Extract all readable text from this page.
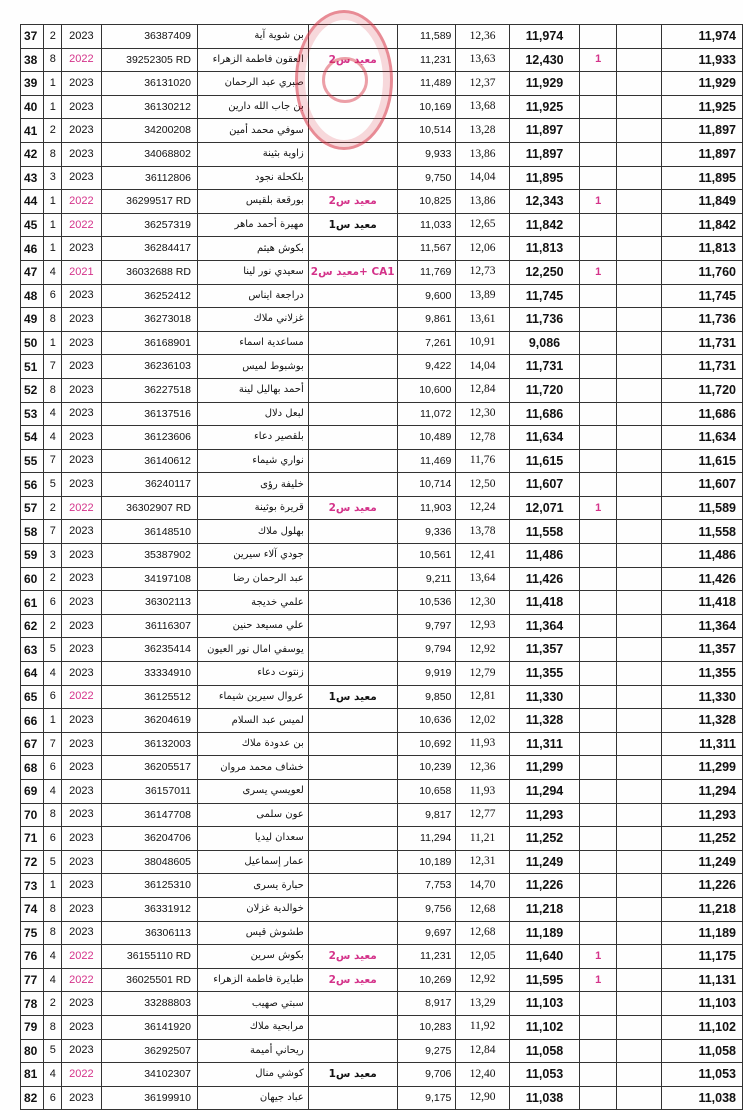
37	2	2023	36387409	بن شوية آية		11,589	12,36	11,974			11,974
38	8	2022	39252305 RD	العقون فاطمة الزهراء	معيد س2	11,231	13,63	12,430	1		11,933
39	1	2023	36131020	صبري عبد الرحمان		11,489	12,37	11,929			11,929
40	1	2023	36130212	بن جاب الله دارين		10,169	13,68	11,925			11,925
41	2	2023	34200208	سوفي محمد أمين		10,514	13,28	11,897			11,897
42	8	2023	34068802	زاوية بثينة		9,933	13,86	11,897			11,897
43	3	2023	36112806	بلكحلة نجود		9,750	14,04	11,895			11,895
44	1	2022	36299517 RD	بورقعة بلقيس	معيد س2	10,825	13,86	12,343	1		11,849
45	1	2022	36257319	مهيرة أحمد ماهر	معيد س1	11,033	12,65	11,842			11,842
46	1	2023	36284417	بكوش هيثم		11,567	12,06	11,813			11,813
47	4	2021	36032688 RD	سعيدي نور لينا	CA1 +معيد س2	11,769	12,73	12,250	1		11,760
48	6	2023	36252412	دراجعة ايناس		9,600	13,89	11,745			11,745
49	8	2023	36273018	غزلاني ملاك		9,861	13,61	11,736			11,736
50	1	2023	36168901	مساعدية اسماء		7,261	10,91	9,086			11,731
51	7	2023	36236103	بوشبوط لميس		9,422	14,04	11,731			11,731
52	8	2023	36227518	أحمد بهاليل لينة		10,600	12,84	11,720			11,720
53	4	2023	36137516	لبعل دلال		11,072	12,30	11,686			11,686
54	4	2023	36123606	بلقصير دعاء		10,489	12,78	11,634			11,634
55	7	2023	36140612	نواري شيماء		11,469	11,76	11,615			11,615
56	5	2023	36240117	خليفة رؤى		10,714	12,50	11,607			11,607
57	2	2022	36302907 RD	قريرة بوثينة	معيد س2	11,903	12,24	12,071	1		11,589
58	7	2023	36148510	بهلول ملاك		9,336	13,78	11,558			11,558
59	3	2023	35387902	جودي آلاء سيرين		10,561	12,41	11,486			11,486
60	2	2023	34197108	عبد الرحمان رضا		9,211	13,64	11,426			11,426
61	6	2023	36302113	علمي خديجة		10,536	12,30	11,418			11,418
62	2	2023	36116307	علي مسيعد حنين		9,797	12,93	11,364			11,364
63	5	2023	36235414	يوسفي امال نور العيون		9,794	12,92	11,357			11,357
64	4	2023	33334910	زنتوت دعاء		9,919	12,79	11,355			11,355
65	6	2022	36125512	عروال سيرين شيماء	معيد س1	9,850	12,81	11,330			11,330
66	1	2023	36204619	لميس عبد السلام		10,636	12,02	11,328			11,328
67	7	2023	36132003	بن عدودة ملاك		10,692	11,93	11,311			11,311
68	6	2023	36205517	خشاف محمد مروان		10,239	12,36	11,299			11,299
69	4	2023	36157011	لعويسي يسرى		10,658	11,93	11,294			11,294
70	8	2023	36147708	عون سلمى		9,817	12,77	11,293			11,293
71	6	2023	36204706	سعدان ليديا		11,294	11,21	11,252			11,252
72	5	2023	38048605	عمار إسماعيل		10,189	12,31	11,249			11,249
73	1	2023	36125310	حبارة يسرى		7,753	14,70	11,226			11,226
74	8	2023	36331912	خوالدية غزلان		9,756	12,68	11,218			11,218
75	8	2023	36306113	طشوش قيس		9,697	12,68	11,189			11,189
76	4	2022	36155110 RD	بكوش سرين	معيد س2	11,231	12,05	11,640	1		11,175
77	4	2022	36025501 RD	طبايرة فاطمة الزهراء	معيد س2	10,269	12,92	11,595	1		11,131
78	2	2023	33288803	سبتي صهيب		8,917	13,29	11,103			11,103
79	8	2023	36141920	مرابحية ملاك		10,283	11,92	11,102			11,102
80	5	2023	36292507	ريحاني أميمة		9,275	12,84	11,058			11,058
81	4	2022	34102307	كوشي منال	معيد س1	9,706	12,40	11,053			11,053
82	6	2023	36199910	عباد جيهان		9,175	12,90	11,038			11,038
